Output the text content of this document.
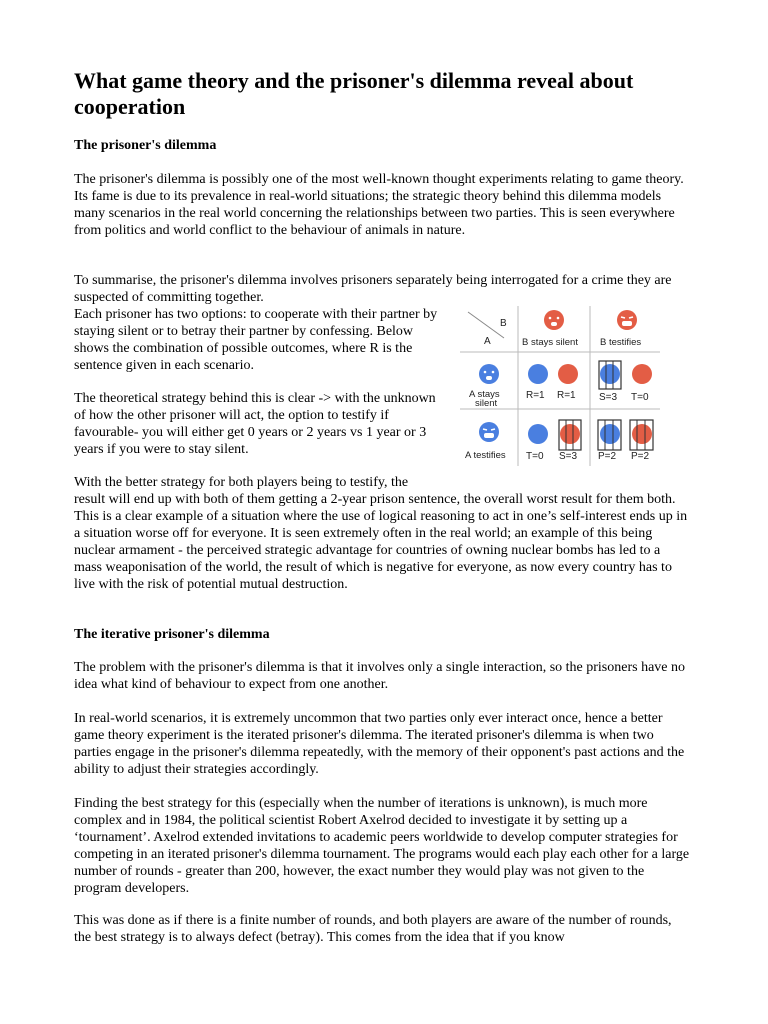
What game theory and the prisoner's dilemma reveal about cooperation
The prisoner's dilemma

The prisoner's dilemma is possibly one of the most well-known thought experiments relating to game theory. Its fame is due to its prevalence in real-world situations; the strategic theory behind this dilemma models many scenarios in the real world concerning the relationships between two parties. This is seen everywhere from politics and world conflict to the behaviour of animals in nature.

To summarise, the prisoner's dilemma involves prisoners separately being interrogated for a crime they are suspected of committing together.

Each prisoner has two options: to cooperate with their partner by staying silent or to betray their partner by confessing. Below shows the combination of possible outcomes, where R is the sentence given in each scenario.

The theoretical strategy behind this is clear -> with the unknown of how the other prisoner will act, the option to testify if favourable- you will either get 0 years or 2 years vs 1 year or 3 years if you were to stay silent.

With the better strategy for both players being to testify, the

result will end up with both of them getting a 2-year prison sentence, the overall worst result for them both. This is a clear example of a situation where the use of logical reasoning to act in one’s self-interest ends up in a situation worse off for everyone. It is seen extremely often in the real world; an example of this being nuclear armament - the perceived strategic advantage for countries of owning nuclear bombs has led to a mass weaponisation of the world, the result of which is negative for everyone, as now every country has to live with the risk of potential mutual destruction.

The iterative prisoner's dilemma

The problem with the prisoner's dilemma is that it involves only a single interaction, so the prisoners have no idea what kind of behaviour to expect from one another.

In real-world scenarios, it is extremely uncommon that two parties only ever interact once, hence a better game theory experiment is the iterated prisoner's dilemma. The iterated prisoner's dilemma is when two parties engage in the prisoner's dilemma repeatedly, with the memory of their opponent's past actions and the ability to adjust their strategies accordingly.

Finding the best strategy for this (especially when the number of iterations is unknown), is much more complex and in 1984, the political scientist Robert Axelrod decided to investigate it by setting up a ‘tournament’. Axelrod extended invitations to academic peers worldwide to develop computer strategies for competing in an iterated prisoner's dilemma tournament. The programs would each play each other for a large number of rounds - greater than 200, however, the exact number they would play was not given to the program developers.

This was done as if there is a finite number of rounds, and both players are aware of the number of rounds, the best strategy is to always defect (betray). This comes from the idea that if you know

B
A	B stays silent B testifies
A stays
silent
A testifies
R=1 R=1 S=3 T=0
T=0 S=3 P=2 P=2
